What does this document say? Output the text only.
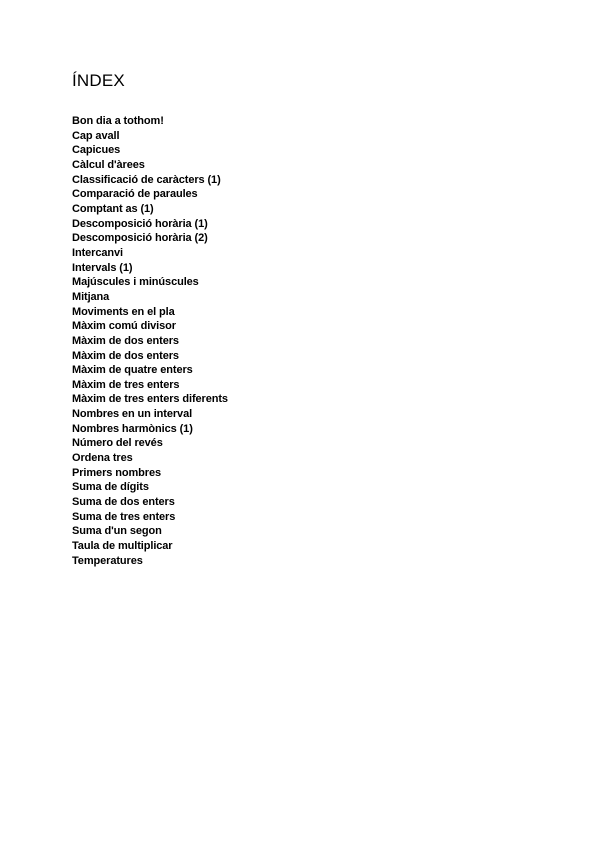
ÍNDEX
Bon dia a tothom!
Cap avall
Capicues
Càlcul d'àrees
Classificació de caràcters (1)
Comparació de paraules
Comptant as (1)
Descomposició horària (1)
Descomposició horària (2)
Intercanvi
Intervals (1)
Majúscules i minúscules
Mitjana
Moviments en el pla
Màxim comú divisor
Màxim de dos enters
Màxim de dos enters
Màxim de quatre enters
Màxim de tres enters
Màxim de tres enters diferents
Nombres en un interval
Nombres harmònics (1)
Número del revés
Ordena tres
Primers nombres
Suma de dígits
Suma de dos enters
Suma de tres enters
Suma d'un segon
Taula de multiplicar
Temperatures
